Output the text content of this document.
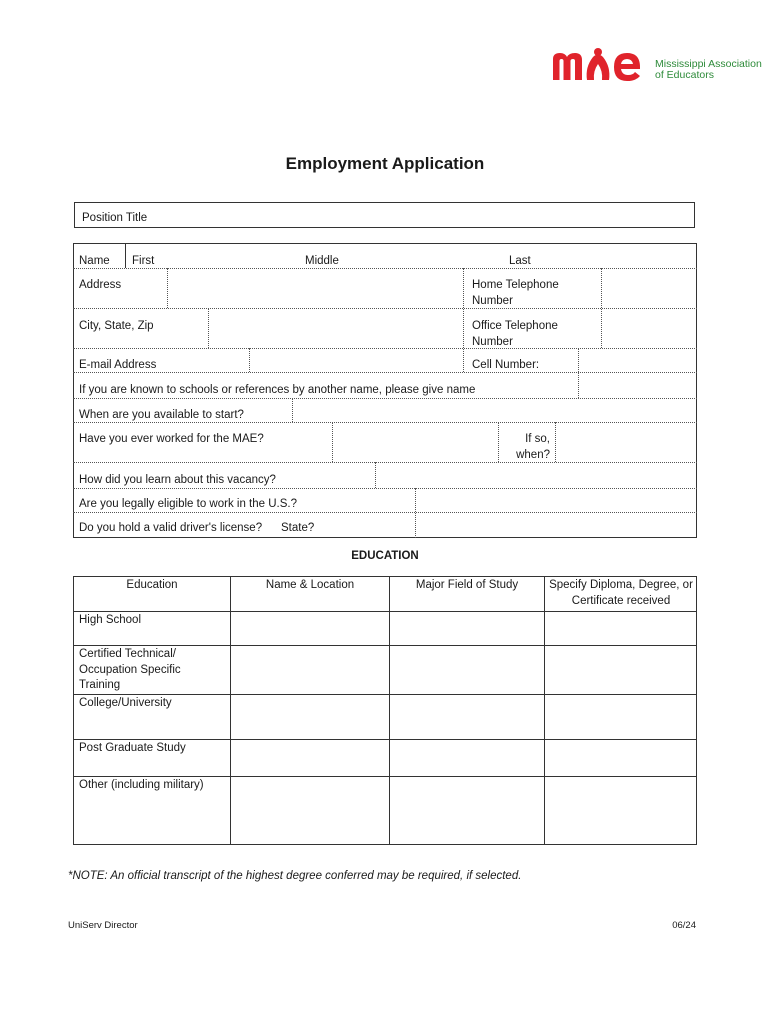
Mississippi Association
of Educators
Employment Application
Position Title
Name First	Middle	Last
Address	Home Telephone Number
City, State, Zip	Office Telephone Number
E-mail Address	Cell Number:
If you are known to schools or references by another name, please give name
When are you available to start?
Have you ever worked for the MAE?	If so, when?
How did you learn about this vacancy?
Are you legally eligible to work in the U.S.?
Do you hold a valid driver's license? State?
EDUCATION
Education	Name & Location	Major Field of Study	Specify Diploma, Degree, or Certificate received
High School
Certified Technical/ Occupation Specific Training
College/University
Post Graduate Study
Other (including military)
*NOTE: An official transcript of the highest degree conferred may be required, if selected.
UniServ Director	06/24
